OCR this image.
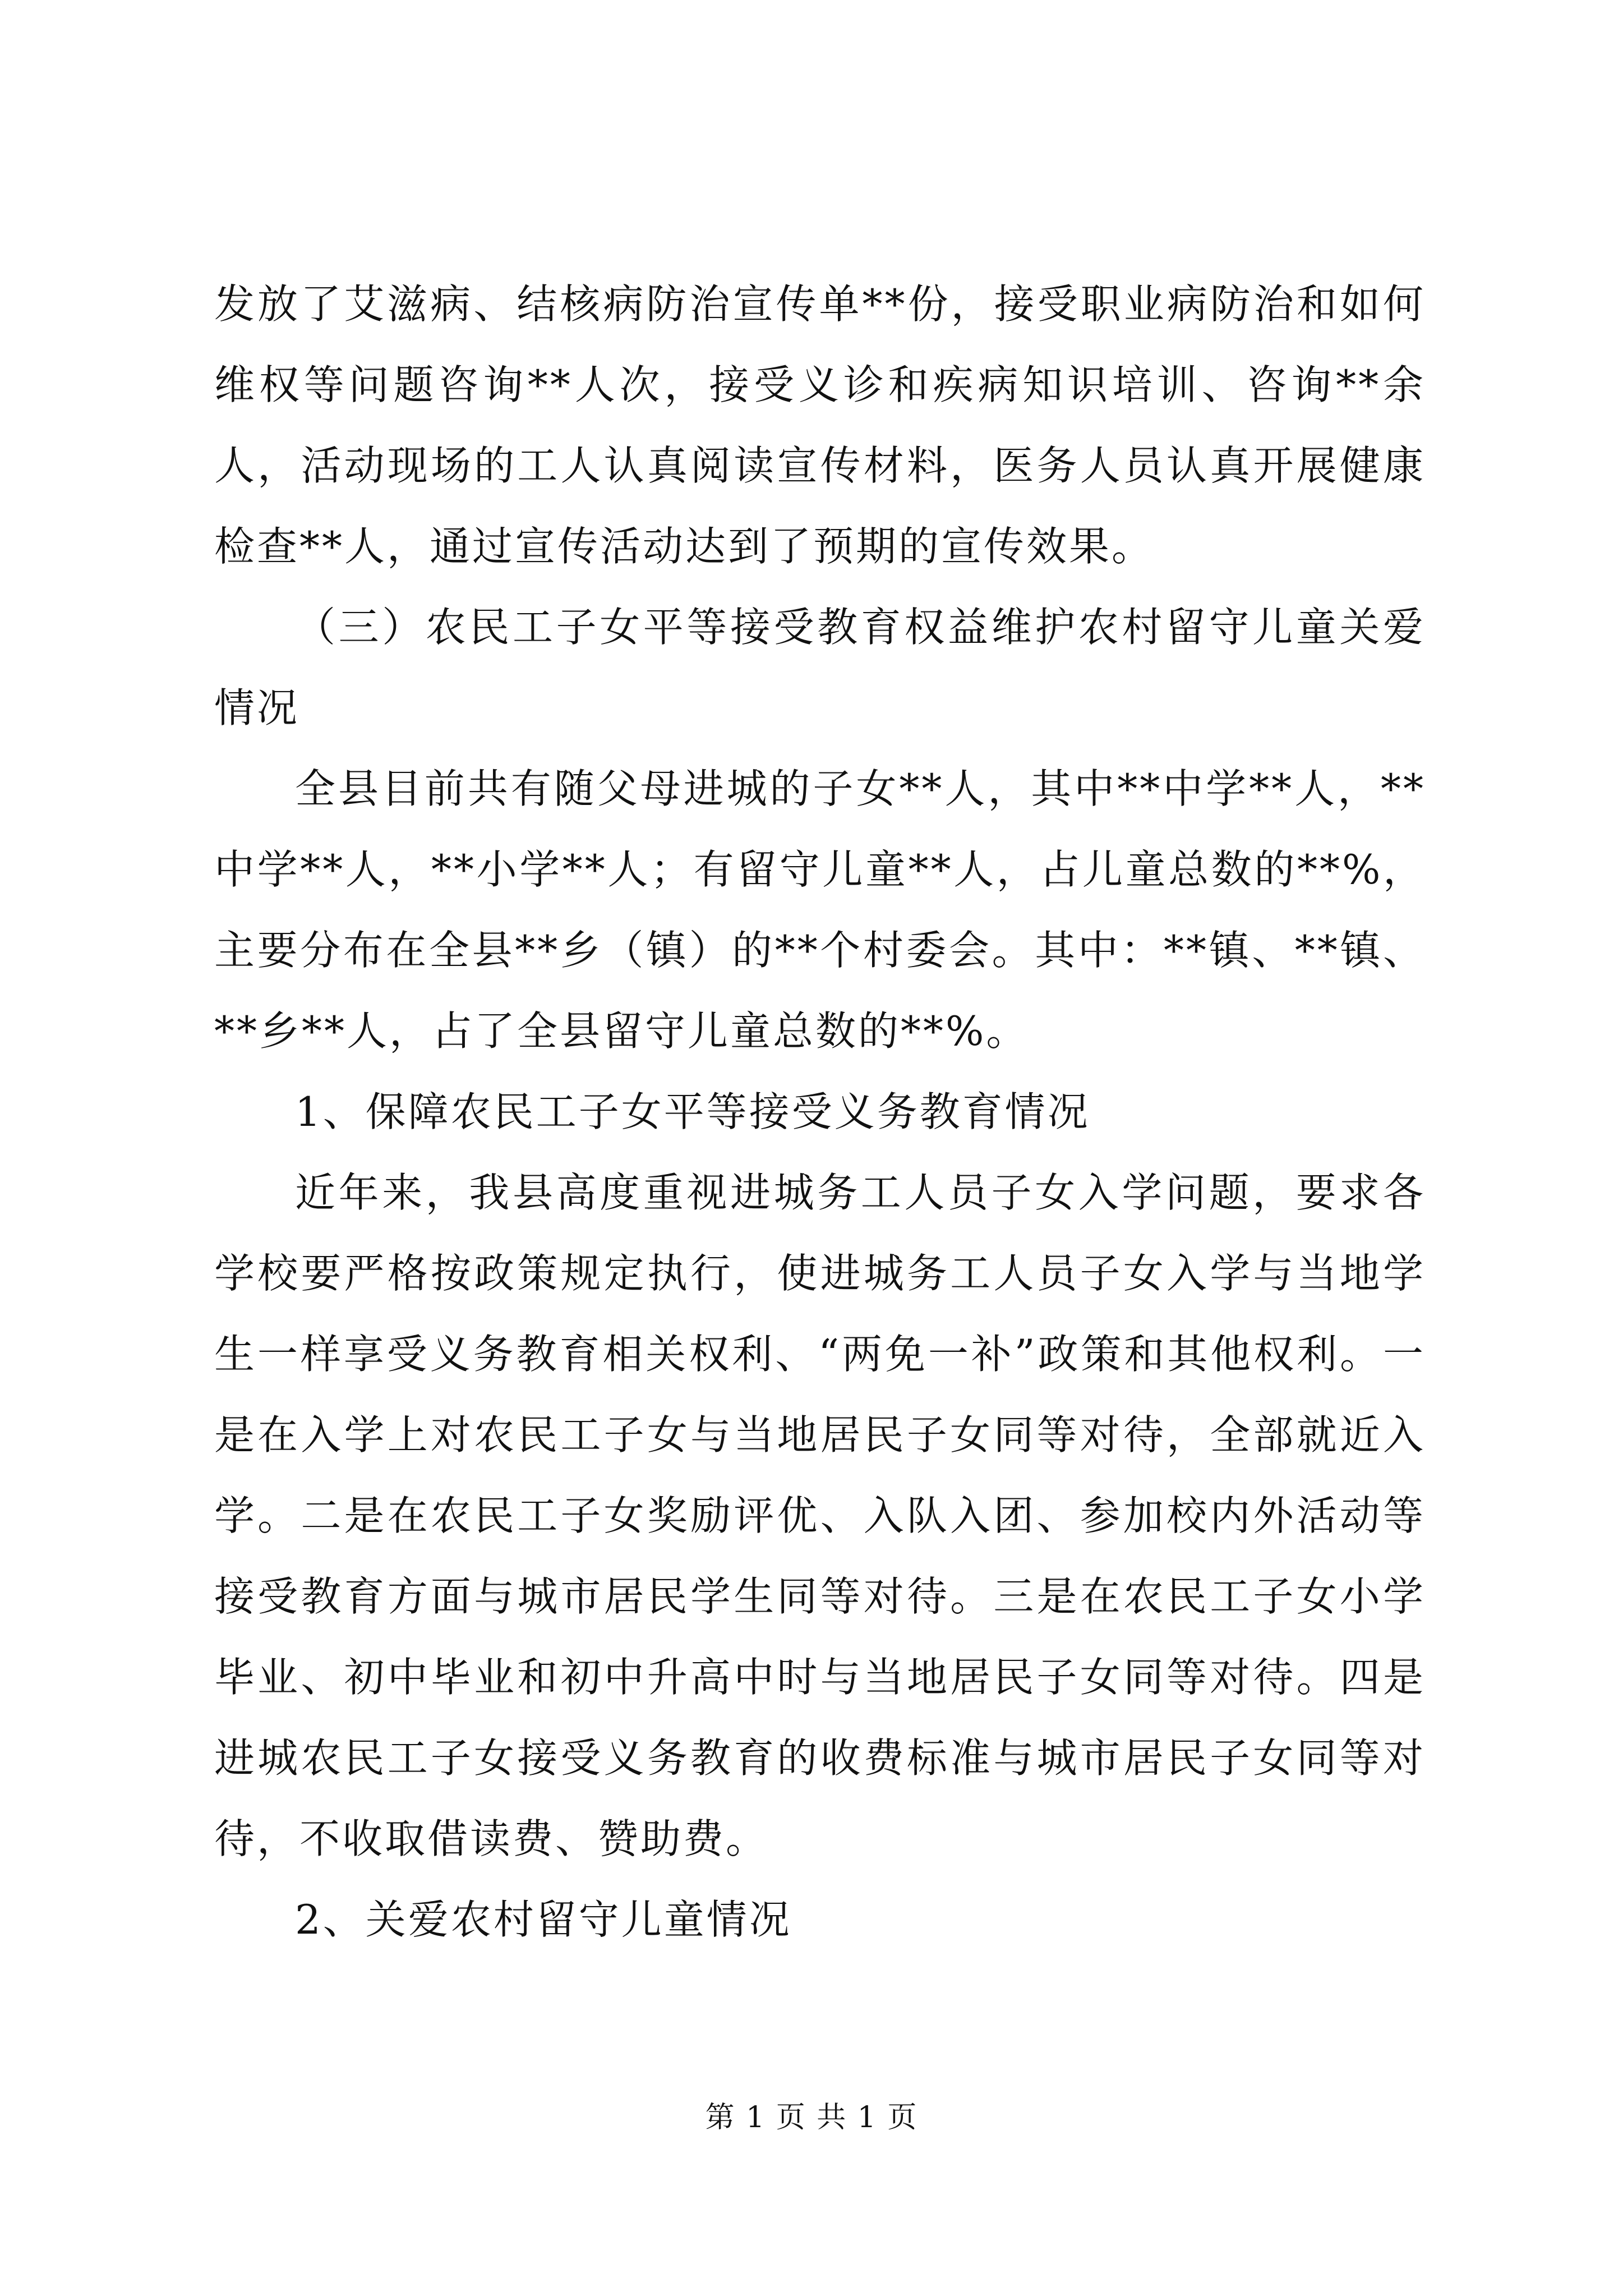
发放了艾滋病、结核病防治宣传单**份，接受职业病防治和如何维权等问题咨询**人次，接受义诊和疾病知识培训、咨询**余人，活动现场的工人认真阅读宣传材料，医务人员认真开展健康检查**人，通过宣传活动达到了预期的宣传效果。

（三）农民工子女平等接受教育权益维护农村留守儿童关爱情况

全县目前共有随父母进城的子女**人，其中**中学**人，**中学**人，**小学**人；有留守儿童**人，占儿童总数的**%，主要分布在全县**乡（镇）的**个村委会。其中：**镇、**镇、**乡**人，占了全县留守儿童总数的**%。

1、保障农民工子女平等接受义务教育情况

近年来，我县高度重视进城务工人员子女入学问题，要求各学校要严格按政策规定执行，使进城务工人员子女入学与当地学生一样享受义务教育相关权利、“两免一补”政策和其他权利。一是在入学上对农民工子女与当地居民子女同等对待，全部就近入学。二是在农民工子女奖励评优、入队入团、参加校内外活动等接受教育方面与城市居民学生同等对待。三是在农民工子女小学毕业、初中毕业和初中升高中时与当地居民子女同等对待。四是进城农民工子女接受义务教育的收费标准与城市居民子女同等对待，不收取借读费、赞助费。

2、关爱农村留守儿童情况

第 1 页 共 1 页
